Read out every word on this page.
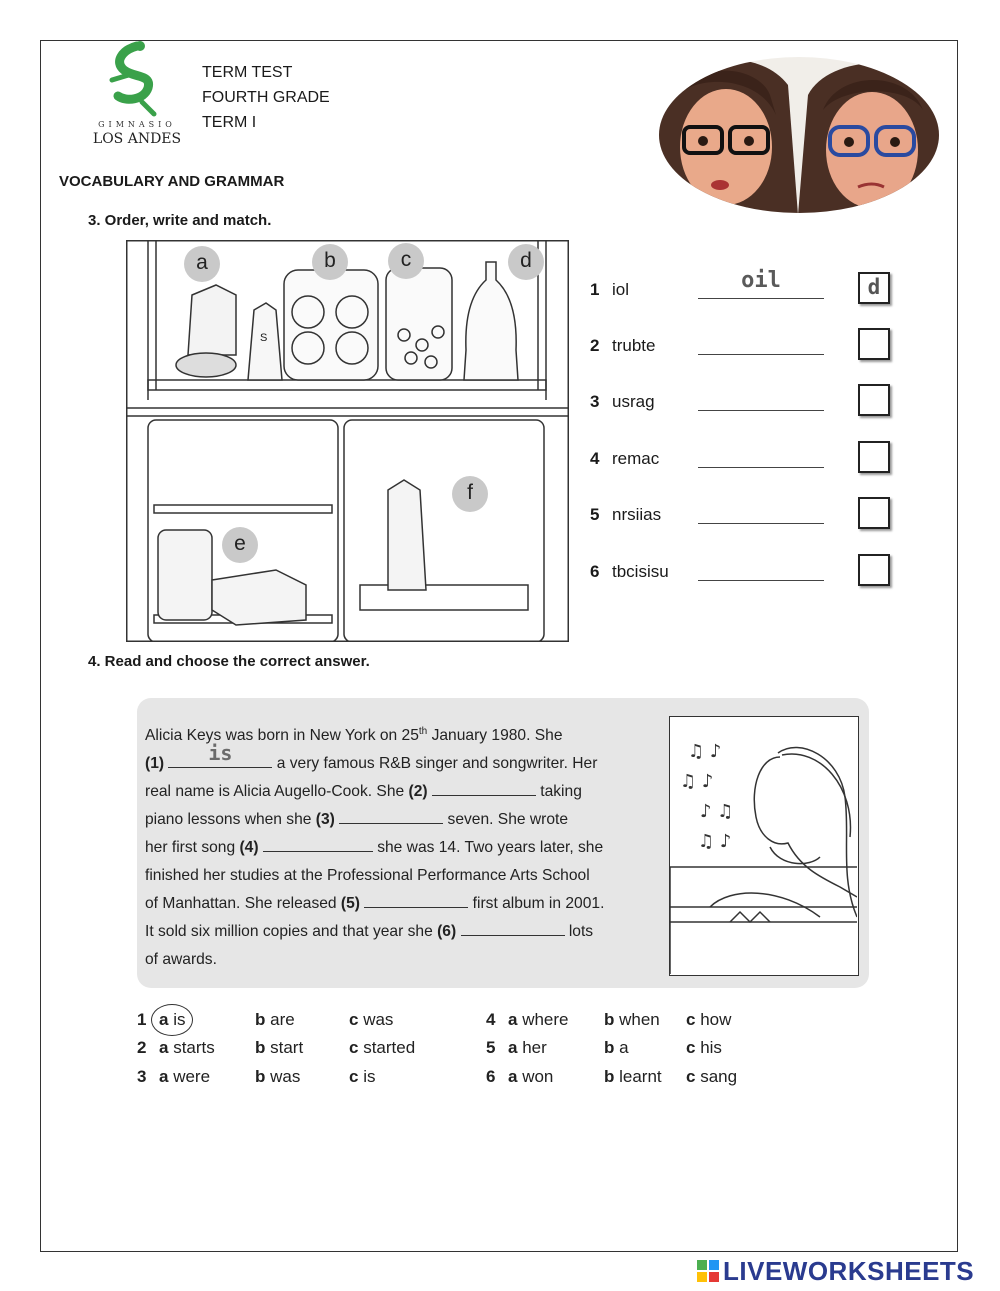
GIMNASIO
LOS ANDES
TERM TEST
FOURTH GRADE
TERM I
VOCABULARY AND GRAMMAR
3. Order, write and match.
a	b	c	d
e
f
S
1 iol	oil	d
2 trubte
3 usrag
4 remac
5 nrsiias
6 tbcisisu
4. Read and choose the correct answer.
Alicia Keys was born in New York on 25th January 1980. She
(1)	is	a very famous R&B singer and songwriter. Her
real name is Alicia Augello-Cook. She (2)	taking
piano lessons when she (3)	seven. She wrote
her first song (4)	she was 14. Two years later, she
finished her studies at the Professional Performance Arts School
of Manhattan. She released (5)	first album in 2001.
It sold six million copies and that year she (6)	lots
of awards.
♫ ♪
♫ ♪
♪ ♫
♫ ♪
1 a is	b are	c was
2 a starts b start	c started
3 a were	b was	c is
4 a where b when c how
5 a her	b a	c his
6 a won	b learnt c sang
LIVEWORKSHEETS
